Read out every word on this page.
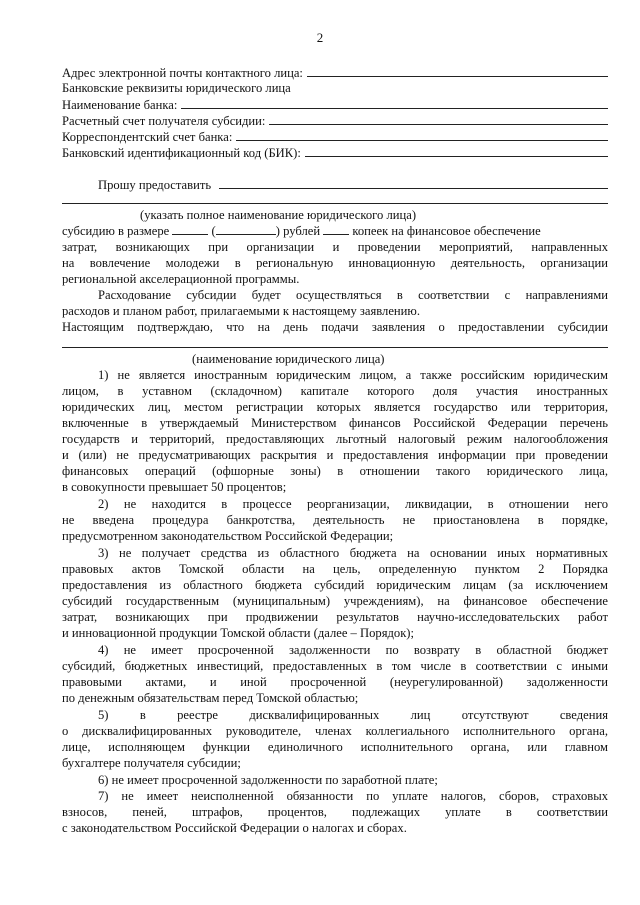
2
Адрес электронной почты контактного лица:
Банковские реквизиты юридического лица
Наименование банка:
Расчетный счет получателя субсидии:
Корреспондентский счет банка:
Банковский идентификационный код (БИК):
Прошу предоставить
(указать полное наименование юридического лица)
субсидию в размере	(	) рублей	копеек на финансовое обеспечение
затрат, возникающих при организации и проведении мероприятий, направленных
на вовлечение молодежи в региональную инновационную деятельность, организации
региональной акселерационной программы.
Расходование субсидии будет осуществляться в соответствии с направлениями
расходов и планом работ, прилагаемыми к настоящему заявлению.
Настоящим подтверждаю, что на день подачи заявления о предоставлении субсидии
(наименование юридического лица)
1) не является иностранным юридическим лицом, а также российским юридическим
лицом, в уставном (складочном) капитале которого доля участия иностранных
юридических лиц, местом регистрации которых является государство или территория,
включенные в утверждаемый Министерством финансов Российской Федерации перечень
государств и территорий, предоставляющих льготный налоговый режим налогообложения
и (или) не предусматривающих раскрытия и предоставления информации при проведении
финансовых операций (офшорные зоны) в отношении такого юридического лица,
в совокупности превышает 50 процентов;
2) не находится в процессе реорганизации, ликвидации, в отношении него
не введена процедура банкротства, деятельность не приостановлена в порядке,
предусмотренном законодательством Российской Федерации;
3) не получает средства из областного бюджета на основании иных нормативных
правовых актов Томской области на цель, определенную пунктом 2 Порядка
предоставления из областного бюджета субсидий юридическим лицам (за исключением
субсидий государственным (муниципальным) учреждениям), на финансовое обеспечение
затрат, возникающих при продвижении результатов научно-исследовательских работ
и инновационной продукции Томской области (далее – Порядок);
4) не имеет просроченной задолженности по возврату в областной бюджет
субсидий, бюджетных инвестиций, предоставленных в том числе в соответствии с иными
правовыми актами, и иной просроченной (неурегулированной) задолженности
по денежным обязательствам перед Томской областью;
5) в реестре дисквалифицированных лиц отсутствуют сведения
о дисквалифицированных руководителе, членах коллегиального исполнительного органа,
лице, исполняющем функции единоличного исполнительного органа, или главном
бухгалтере получателя субсидии;
6) не имеет просроченной задолженности по заработной плате;
7) не имеет неисполненной обязанности по уплате налогов, сборов, страховых
взносов, пеней, штрафов, процентов, подлежащих уплате в соответствии
с законодательством Российской Федерации о налогах и сборах.
